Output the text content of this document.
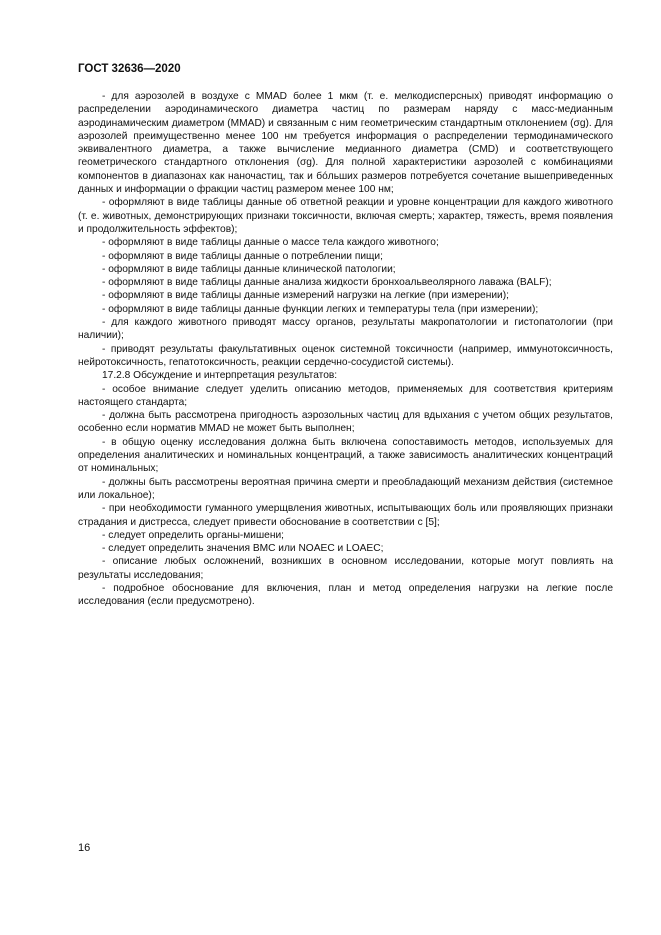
ГОСТ 32636—2020

- для аэрозолей в воздухе с MMAD более 1 мкм (т. е. мелкодисперсных) приводят информацию о распределении аэродинамического диаметра частиц по размерам наряду с масс-медианным аэродинамическим диаметром (MMAD) и связанным с ним геометрическим стандартным отклонением (σg). Для аэрозолей преимущественно менее 100 нм требуется информация о распределении термодинамического эквивалентного диаметра, а также вычисление медианного диаметра (CMD) и соответствующего геометрического стандартного отклонения (σg). Для полной характеристики аэрозолей с комбинациями компонентов в диапазонах как наночастиц, так и бóльших размеров потребуется сочетание вышеприведенных данных и информации о фракции частиц размером менее 100 нм;

- оформляют в виде таблицы данные об ответной реакции и уровне концентрации для каждого животного (т. е. животных, демонстрирующих признаки токсичности, включая смерть; характер, тяжесть, время появления и продолжительность эффектов);

- оформляют в виде таблицы данные о массе тела каждого животного;

- оформляют в виде таблицы данные о потреблении пищи;

- оформляют в виде таблицы данные клинической патологии;

- оформляют в виде таблицы данные анализа жидкости бронхоальвеолярного лаважа (BALF);

- оформляют в виде таблицы данные измерений нагрузки на легкие (при измерении);

- оформляют в виде таблицы данные функции легких и температуры тела (при измерении);

- для каждого животного приводят массу органов, результаты макропатологии и гистопатологии (при наличии);

- приводят результаты факультативных оценок системной токсичности (например, иммунотоксичность, нейротоксичность, гепатотоксичность, реакции сердечно-сосудистой системы).

17.2.8 Обсуждение и интерпретация результатов:

- особое внимание следует уделить описанию методов, применяемых для соответствия критериям настоящего стандарта;

- должна быть рассмотрена пригодность аэрозольных частиц для вдыхания с учетом общих результатов, особенно если норматив MMAD не может быть выполнен;

- в общую оценку исследования должна быть включена сопоставимость методов, используемых для определения аналитических и номинальных концентраций, а также зависимость аналитических концентраций от номинальных;

- должны быть рассмотрены вероятная причина смерти и преобладающий механизм действия (системное или локальное);

- при необходимости гуманного умерщвления животных, испытывающих боль или проявляющих признаки страдания и дистресса, следует привести обоснование в соответствии с [5];

- следует определить органы-мишени;

- следует определить значения BMC или NOAEC и LOAEC;

- описание любых осложнений, возникших в основном исследовании, которые могут повлиять на результаты исследования;

- подробное обоснование для включения, план и метод определения нагрузки на легкие после исследования (если предусмотрено).

16
